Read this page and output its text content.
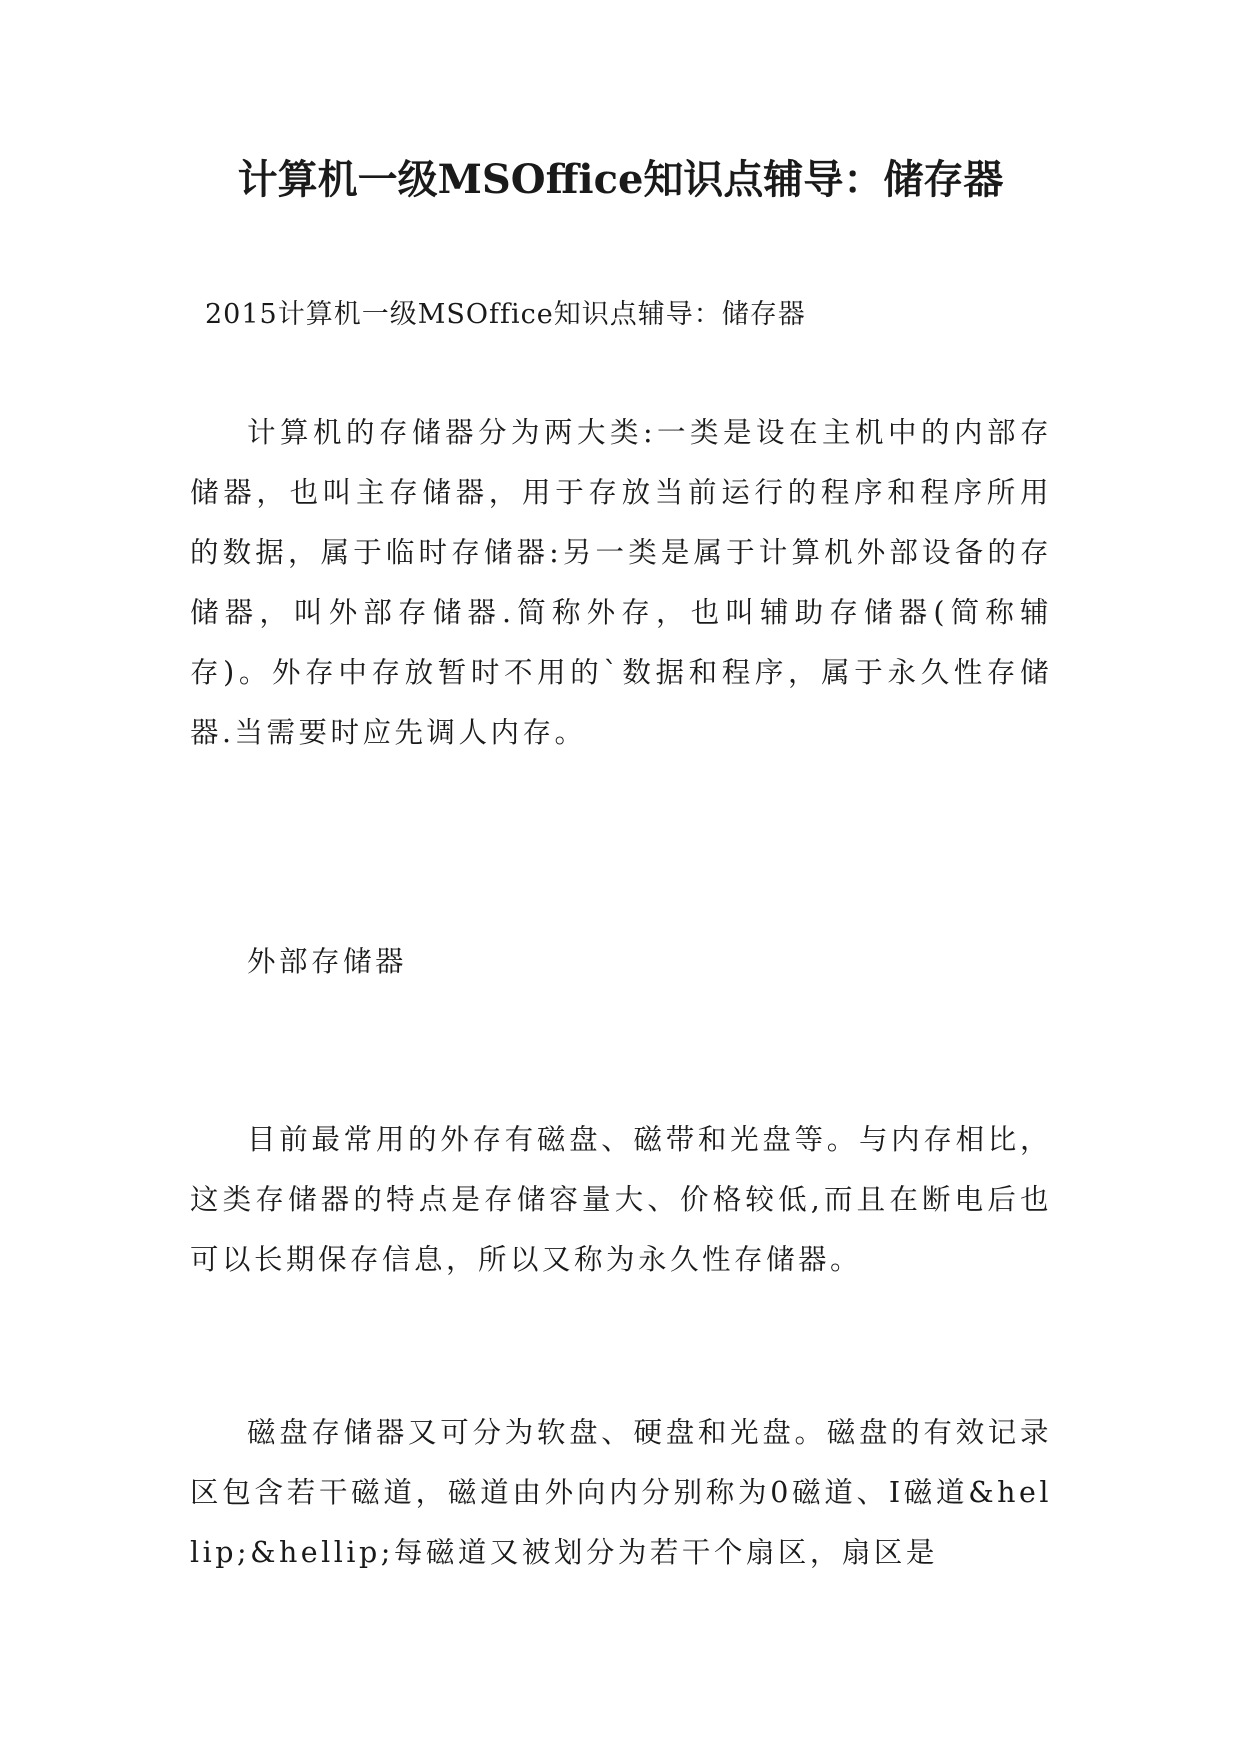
计算机一级MSOffice知识点辅导：储存器

2015计算机一级MSOffice知识点辅导：储存器

计算机的存储器分为两大类:一类是设在主机中的内部存储器，也叫主存储器，用于存放当前运行的程序和程序所用的数据，属于临时存储器:另一类是属于计算机外部设备的存储器，叫外部存储器.简称外存，也叫辅助存储器(简称辅存)。外存中存放暂时不用的`数据和程序，属于永久性存储器.当需要时应先调人内存。

外部存储器

目前最常用的外存有磁盘、磁带和光盘等。与内存相比，这类存储器的特点是存储容量大、价格较低,而且在断电后也可以长期保存信息，所以又称为永久性存储器。

磁盘存储器又可分为软盘、硬盘和光盘。磁盘的有效记录区包含若干磁道，磁道由外向内分别称为0磁道、I磁道&hellip;&hellip;每磁道又被划分为若干个扇区，扇区是
